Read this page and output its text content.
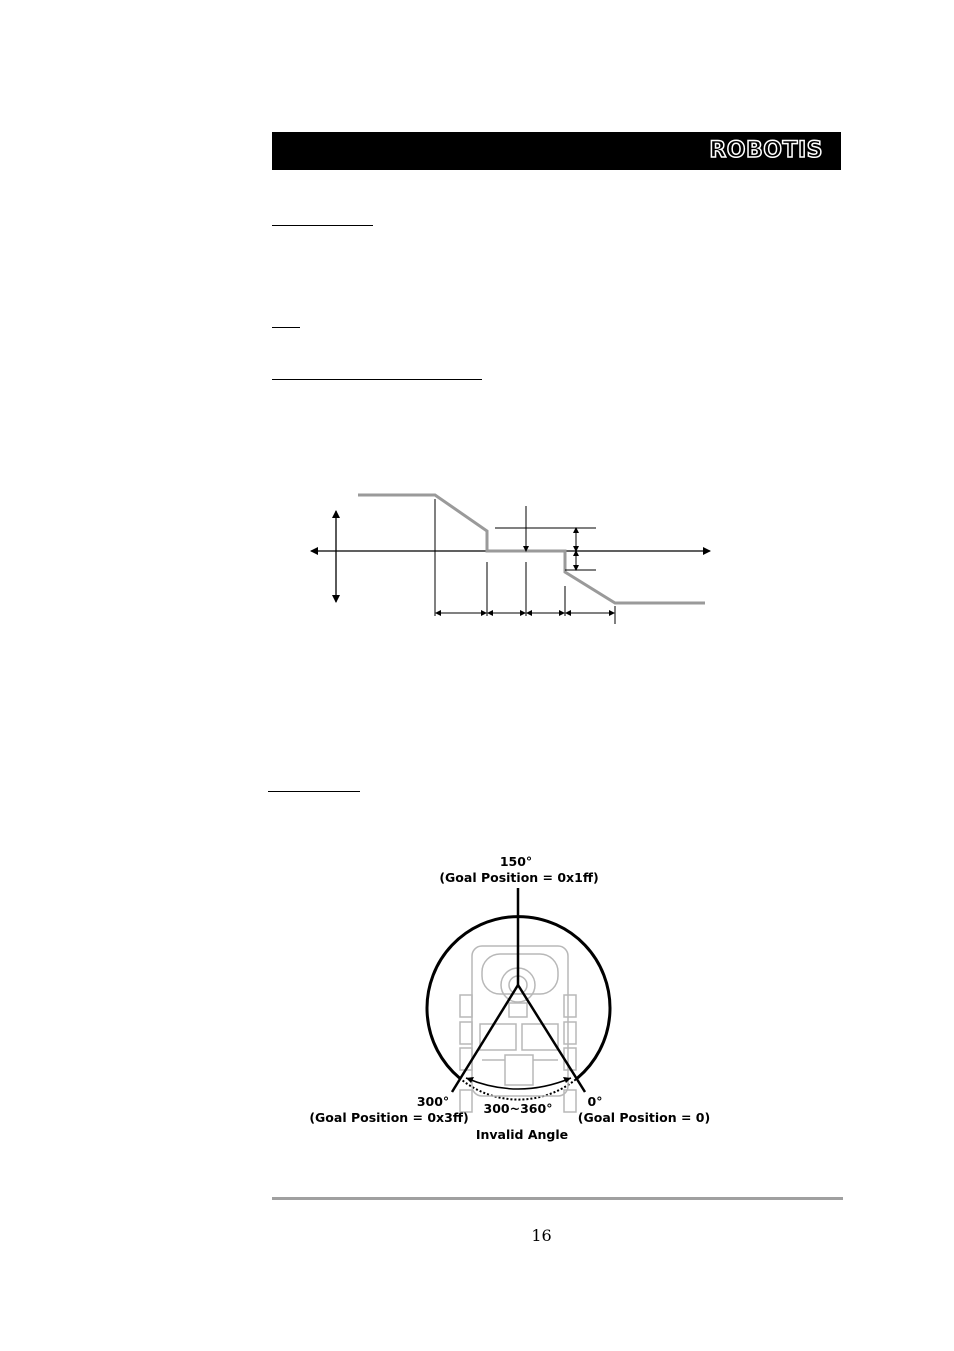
ROBOTIS
150°
(Goal Position = 0x1ff)
300°
(Goal Position = 0x3ff)
0°
(Goal Position = 0)
300~360°
Invalid Angle
16
